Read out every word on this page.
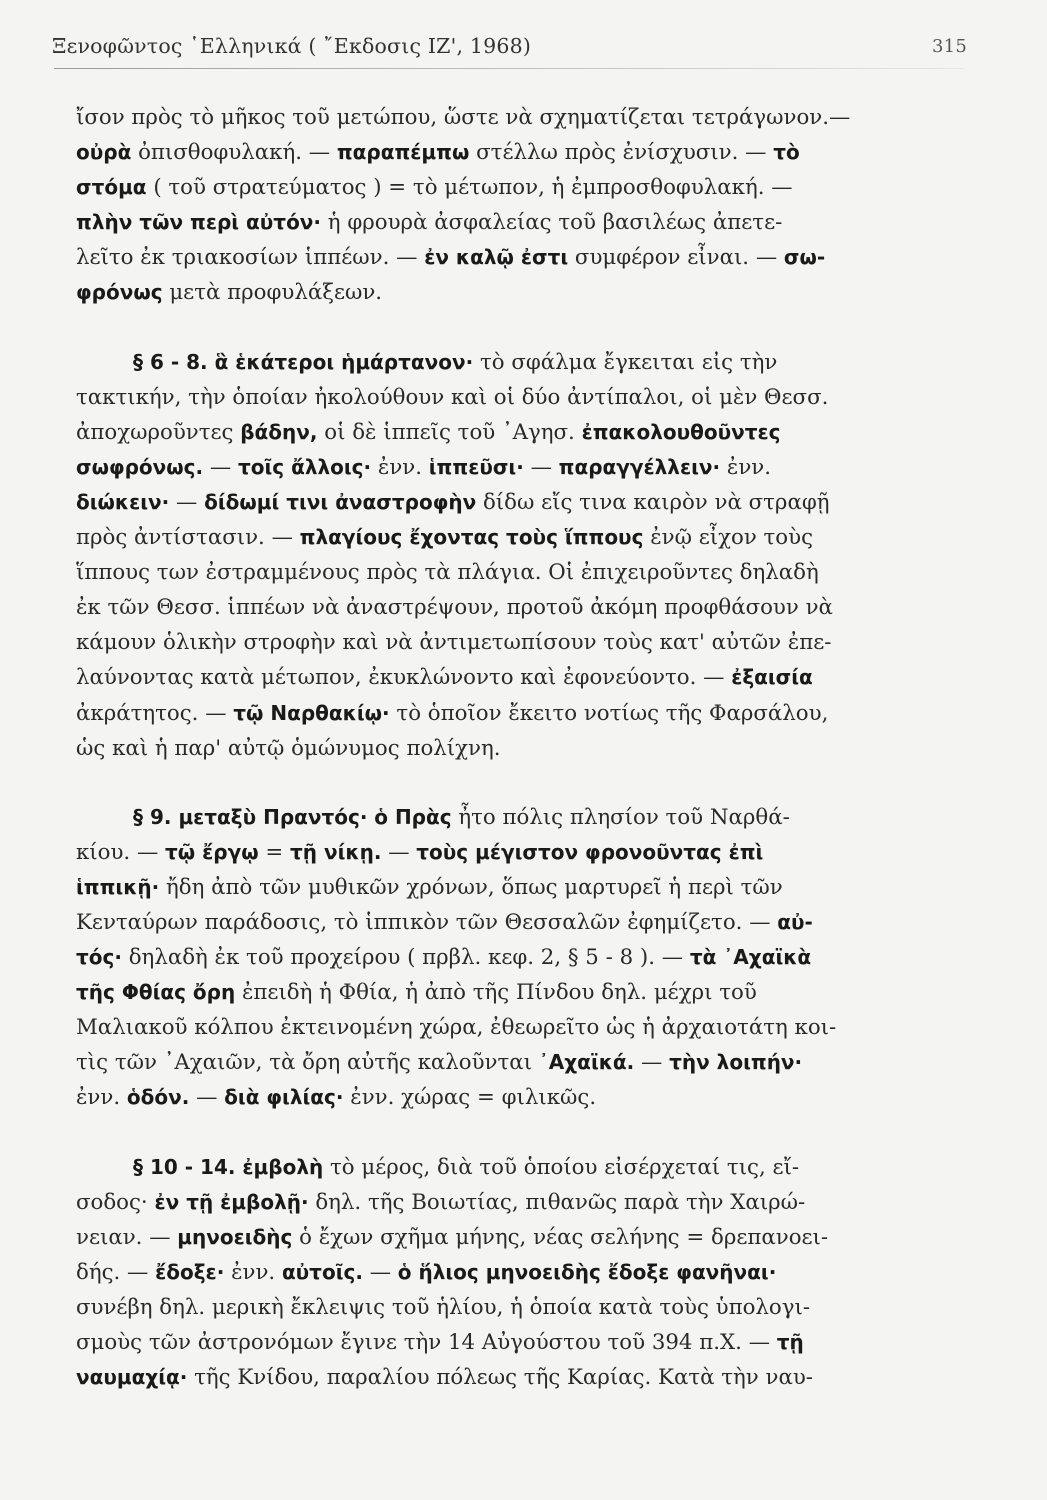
Ξενοφῶντος ῾Ελληνικά ( ῎Εκδοσις ΙΖ', 1968)	315

ἴσον πρὸς τὸ μῆκος τοῦ μετώπου, ὥστε νὰ σχηματίζεται τετράγωνον.—
οὐρὰ ὀπισθοφυλακή. — παραπέμπω στέλλω πρὸς ἐνίσχυσιν. — τὸ
στόμα ( τοῦ στρατεύματος ) = τὸ μέτωπον, ἡ ἐμπροσθοφυλακή. —
πλὴν τῶν περὶ αὐτόν· ἡ φρουρὰ ἀσφαλείας τοῦ βασιλέως ἀπετε-
λεῖτο ἐκ τριακοσίων ἱππέων. — ἐν καλῷ ἐστι συμφέρον εἶναι. — σω-
φρόνως μετὰ προφυλάξεων.

§ 6 - 8. ἃ ἑκάτεροι ἡμάρτανον· τὸ σφάλμα ἔγκειται εἰς τὴν
τακτικήν, τὴν ὁποίαν ἠκολούθουν καὶ οἱ δύο ἀντίπαλοι, οἱ μὲν Θεσσ.
ἀποχωροῦντες βάδην, οἱ δὲ ἱππεῖς τοῦ ᾿Αγησ. ἐπακολουθοῦντες
σωφρόνως. — τοῖς ἄλλοις· ἐνν. ἱππεῦσι· — παραγγέλλειν· ἐνν.
διώκειν· — δίδωμί τινι ἀναστροφὴν δίδω εἴς τινα καιρὸν νὰ στραφῇ
πρὸς ἀντίστασιν. — πλαγίους ἔχοντας τοὺς ἵππους ἐνῷ εἶχον τοὺς
ἵππους των ἐστραμμένους πρὸς τὰ πλάγια. Οἱ ἐπιχειροῦντες δηλαδὴ
ἐκ τῶν Θεσσ. ἱππέων νὰ ἀναστρέψουν, προτοῦ ἀκόμη προφθάσουν νὰ
κάμουν ὁλικὴν στροφὴν καὶ νὰ ἀντιμετωπίσουν τοὺς κατ' αὐτῶν ἐπε-
λαύνοντας κατὰ μέτωπον, ἐκυκλώνοντο καὶ ἐφονεύοντο. — ἐξαισία
ἀκράτητος. — τῷ Ναρθακίῳ· τὸ ὁποῖον ἔκειτο νοτίως τῆς Φαρσάλου,
ὡς καὶ ἡ παρ' αὐτῷ ὁμώνυμος πολίχνη.

§ 9. μεταξὺ Πραντός· ὁ Πρὰς ἦτο πόλις πλησίον τοῦ Ναρθά-
κίου. — τῷ ἔργῳ = τῇ νίκῃ. — τοὺς μέγιστον φρονοῦντας ἐπὶ
ἱππικῇ· ἤδη ἀπὸ τῶν μυθικῶν χρόνων, ὅπως μαρτυρεῖ ἡ περὶ τῶν
Κενταύρων παράδοσις, τὸ ἱππικὸν τῶν Θεσσαλῶν ἐφημίζετο. — αὐ-
τός· δηλαδὴ ἐκ τοῦ προχείρου ( πρβλ. κεφ. 2, § 5 - 8 ). — τὰ ᾿Αχαϊκὰ
τῆς Φθίας ὄρη ἐπειδὴ ἡ Φθία, ἡ ἀπὸ τῆς Πίνδου δηλ. μέχρι τοῦ
Μαλιακοῦ κόλπου ἐκτεινομένη χώρα, ἐθεωρεῖτο ὡς ἡ ἀρχαιοτάτη κοι-
τὶς τῶν ᾿Αχαιῶν, τὰ ὄρη αὐτῆς καλοῦνται ᾿Αχαϊκά. — τὴν λοιπήν·
ἐνν. ὁδόν. — διὰ φιλίας· ἐνν. χώρας = φιλικῶς.

§ 10 - 14. ἐμβολὴ τὸ μέρος, διὰ τοῦ ὁποίου εἰσέρχεταί τις, εἴ-
σοδος· ἐν τῇ ἐμβολῇ· δηλ. τῆς Βοιωτίας, πιθανῶς παρὰ τὴν Χαιρώ-
νειαν. — μηνοειδὴς ὁ ἔχων σχῆμα μήνης, νέας σελήνης = δρεπανοει-
δής. — ἔδοξε· ἐνν. αὐτοῖς. — ὁ ἥλιος μηνοειδὴς ἔδοξε φανῆναι·
συνέβη δηλ. μερικὴ ἔκλειψις τοῦ ἡλίου, ἡ ὁποία κατὰ τοὺς ὑπολογι-
σμοὺς τῶν ἀστρονόμων ἔγινε τὴν 14 Αὐγούστου τοῦ 394 π.Χ. — τῇ
ναυμαχίᾳ· τῆς Κνίδου, παραλίου πόλεως τῆς Καρίας. Κατὰ τὴν ναυ-
